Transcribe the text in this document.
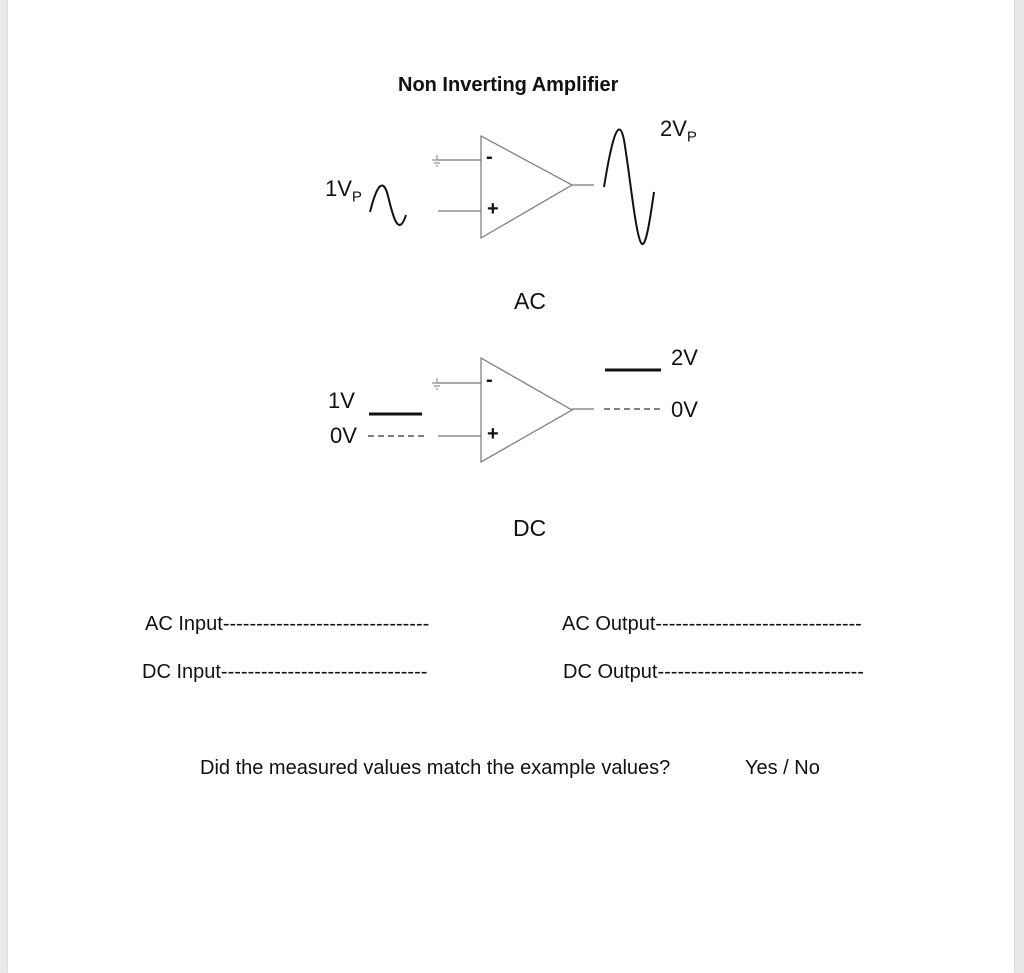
Non Inverting Amplifier
$1V_P$
$2V_P$
-
+
AC
1V
0V
2V
0V
-
+
DC
AC Input-------------------------------
DC Input-------------------------------
AC Output-------------------------------
DC Output-------------------------------
Did the measured values match the example values?	Yes / No
